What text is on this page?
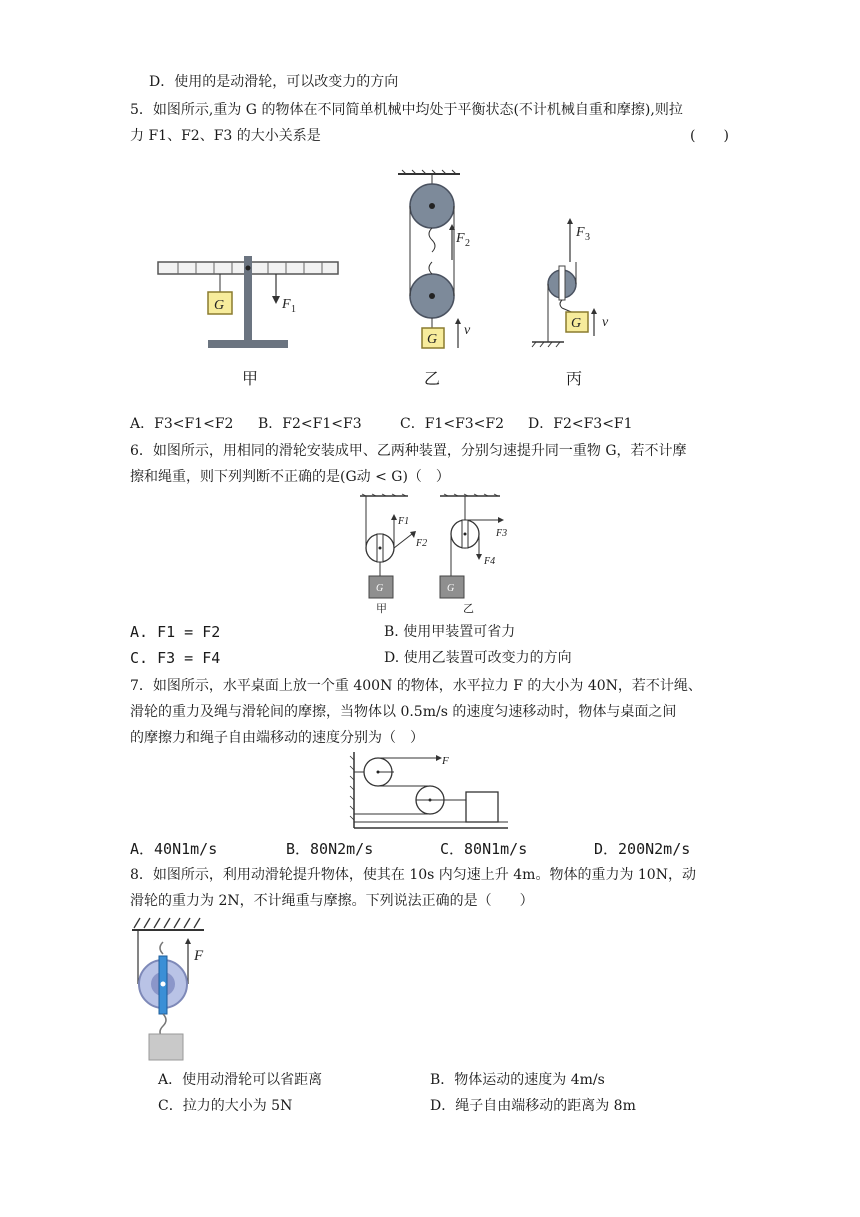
D．使用的是动滑轮，可以改变力的方向
5．如图所示,重为 G 的物体在不同简单机械中均处于平衡状态(不计机械自重和摩擦),则拉
力 F1、F2、F3 的大小关系是	(　　)
G	F 1
G
F 2
v
F 3
G v
甲	乙	丙
A．F3<F1<F2 B．F2<F1<F3	C．F1<F3<F2 D．F2<F3<F1
6．如图所示，用相同的滑轮安装成甲、乙两种装置，分别匀速提升同一重物 G，若不计摩
擦和绳重，则下列判断不正确的是(G动 < G)（　）
F1
F2
G
F3
F4
G
甲	乙
A. F1 = F2	B. 使用甲装置可省力
C. F3 = F4	D. 使用乙装置可改变力的方向
7．如图所示，水平桌面上放一个重 400N 的物体，水平拉力 F 的大小为 40N，若不计绳、
滑轮的重力及绳与滑轮间的摩擦，当物体以 0.5m/s 的速度匀速移动时，物体与桌面之间
的摩擦力和绳子自由端移动的速度分别为（　）
F
A．40N1m/s	B．80N2m/s	C．80N1m/s	D．200N2m/s
8．如图所示，利用动滑轮提升物体，使其在 10s 内匀速上升 4m。物体的重力为 10N，动
滑轮的重力为 2N，不计绳重与摩擦。下列说法正确的是（　　）
F
A．使用动滑轮可以省距离	B．物体运动的速度为 4m/s
C．拉力的大小为 5N	D．绳子自由端移动的距离为 8m
